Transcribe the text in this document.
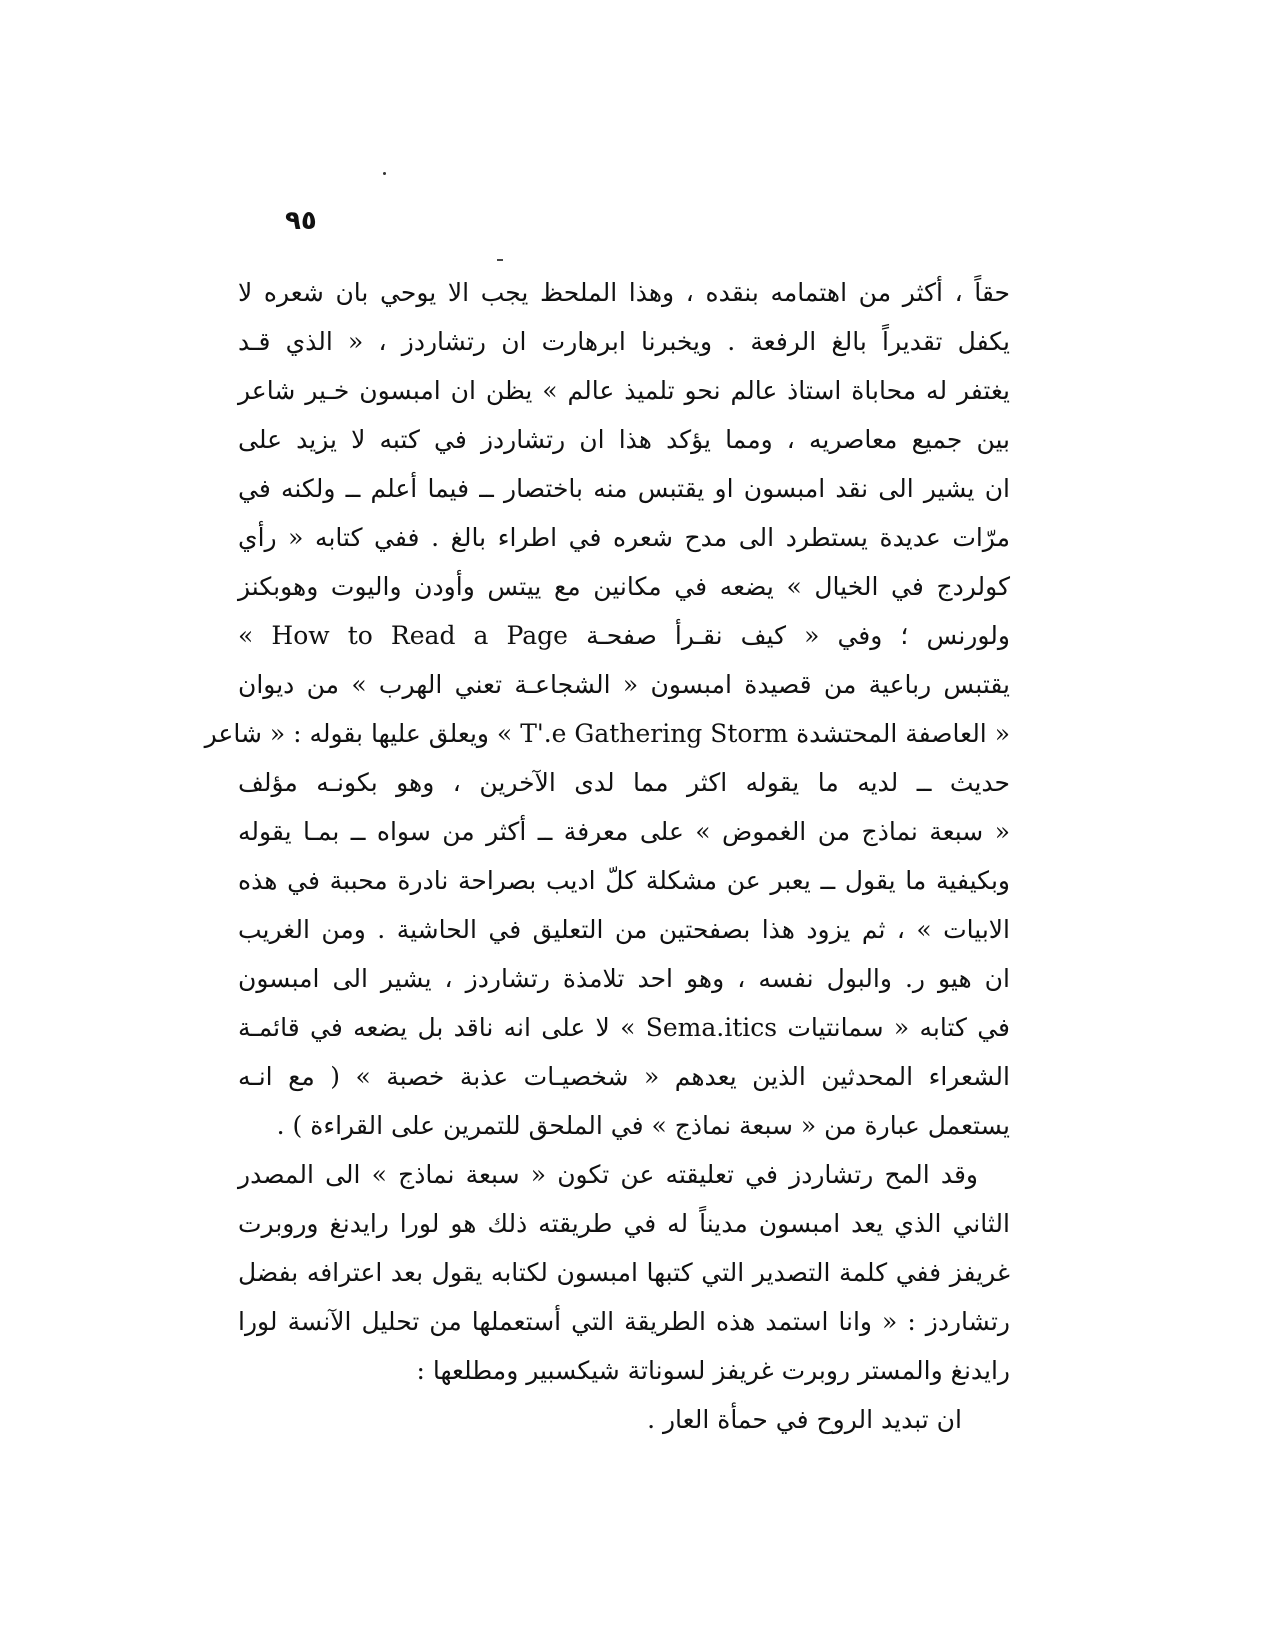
٩٥
حقاً ، أكثر من اهتمامه بنقده ، وهذا الملحظ يجب الا يوحي بان شعره لا
يكفل تقديراً بالغ الرفعة . ويخبرنا ابرهارت ان رتشاردز ، « الذي قـد
يغتفر له محاباة استاذ عالم نحو تلميذ عالم » يظن ان امبسون خـير شاعر
بين جميع معاصريه ، ومما يؤكد هذا ان رتشاردز في كتبه لا يزيد على
ان يشير الى نقد امبسون او يقتبس منه باختصار ــ فيما أعلم ــ ولكنه في
مرّات عديدة يستطرد الى مدح شعره في اطراء بالغ . ففي كتابه « رأي
كولردج في الخيال » يضعه في مكانين مع ييتس وأودن واليوت وهوبكنز
ولورنس ؛ وفي « كيف نقـرأ صفحـة How to Read a Page »
يقتبس رباعية من قصيدة امبسون « الشجاعـة تعني الهرب » من ديوان
« العاصفة المحتشدة T'.e Gathering Storm » ويعلق عليها بقوله : « شاعر
حديث ــ لديه ما يقوله اكثر مما لدى الآخرين ، وهو بكونـه مؤلف
« سبعة نماذج من الغموض » على معرفة ــ أكثر من سواه ــ بمـا يقوله
وبكيفية ما يقول ــ يعبر عن مشكلة كلّ اديب بصراحة نادرة محببة في هذه
الابيات » ، ثم يزود هذا بصفحتين من التعليق في الحاشية . ومن الغريب
ان هيو ر. والبول نفسه ، وهو احد تلامذة رتشاردز ، يشير الى امبسون
في كتابه « سمانتيات Sema.itics » لا على انه ناقد بل يضعه في قائمـة
الشعراء المحدثين الذين يعدهم « شخصيـات عذبة خصبة » ( مع انـه
يستعمل عبارة من « سبعة نماذج » في الملحق للتمرين على القراءة ) .
وقد المح رتشاردز في تعليقته عن تكون « سبعة نماذج » الى المصدر
الثاني الذي يعد امبسون مديناً له في طريقته ذلك هو لورا رايدنغ وروبرت
غريفز ففي كلمة التصدير التي كتبها امبسون لكتابه يقول بعد اعترافه بفضل
رتشاردز : « وانا استمد هذه الطريقة التي أستعملها من تحليل الآنسة لورا
رايدنغ والمستر روبرت غريفز لسوناتة شيكسبير ومطلعها :
ان تبديد الروح في حمأة العار .
